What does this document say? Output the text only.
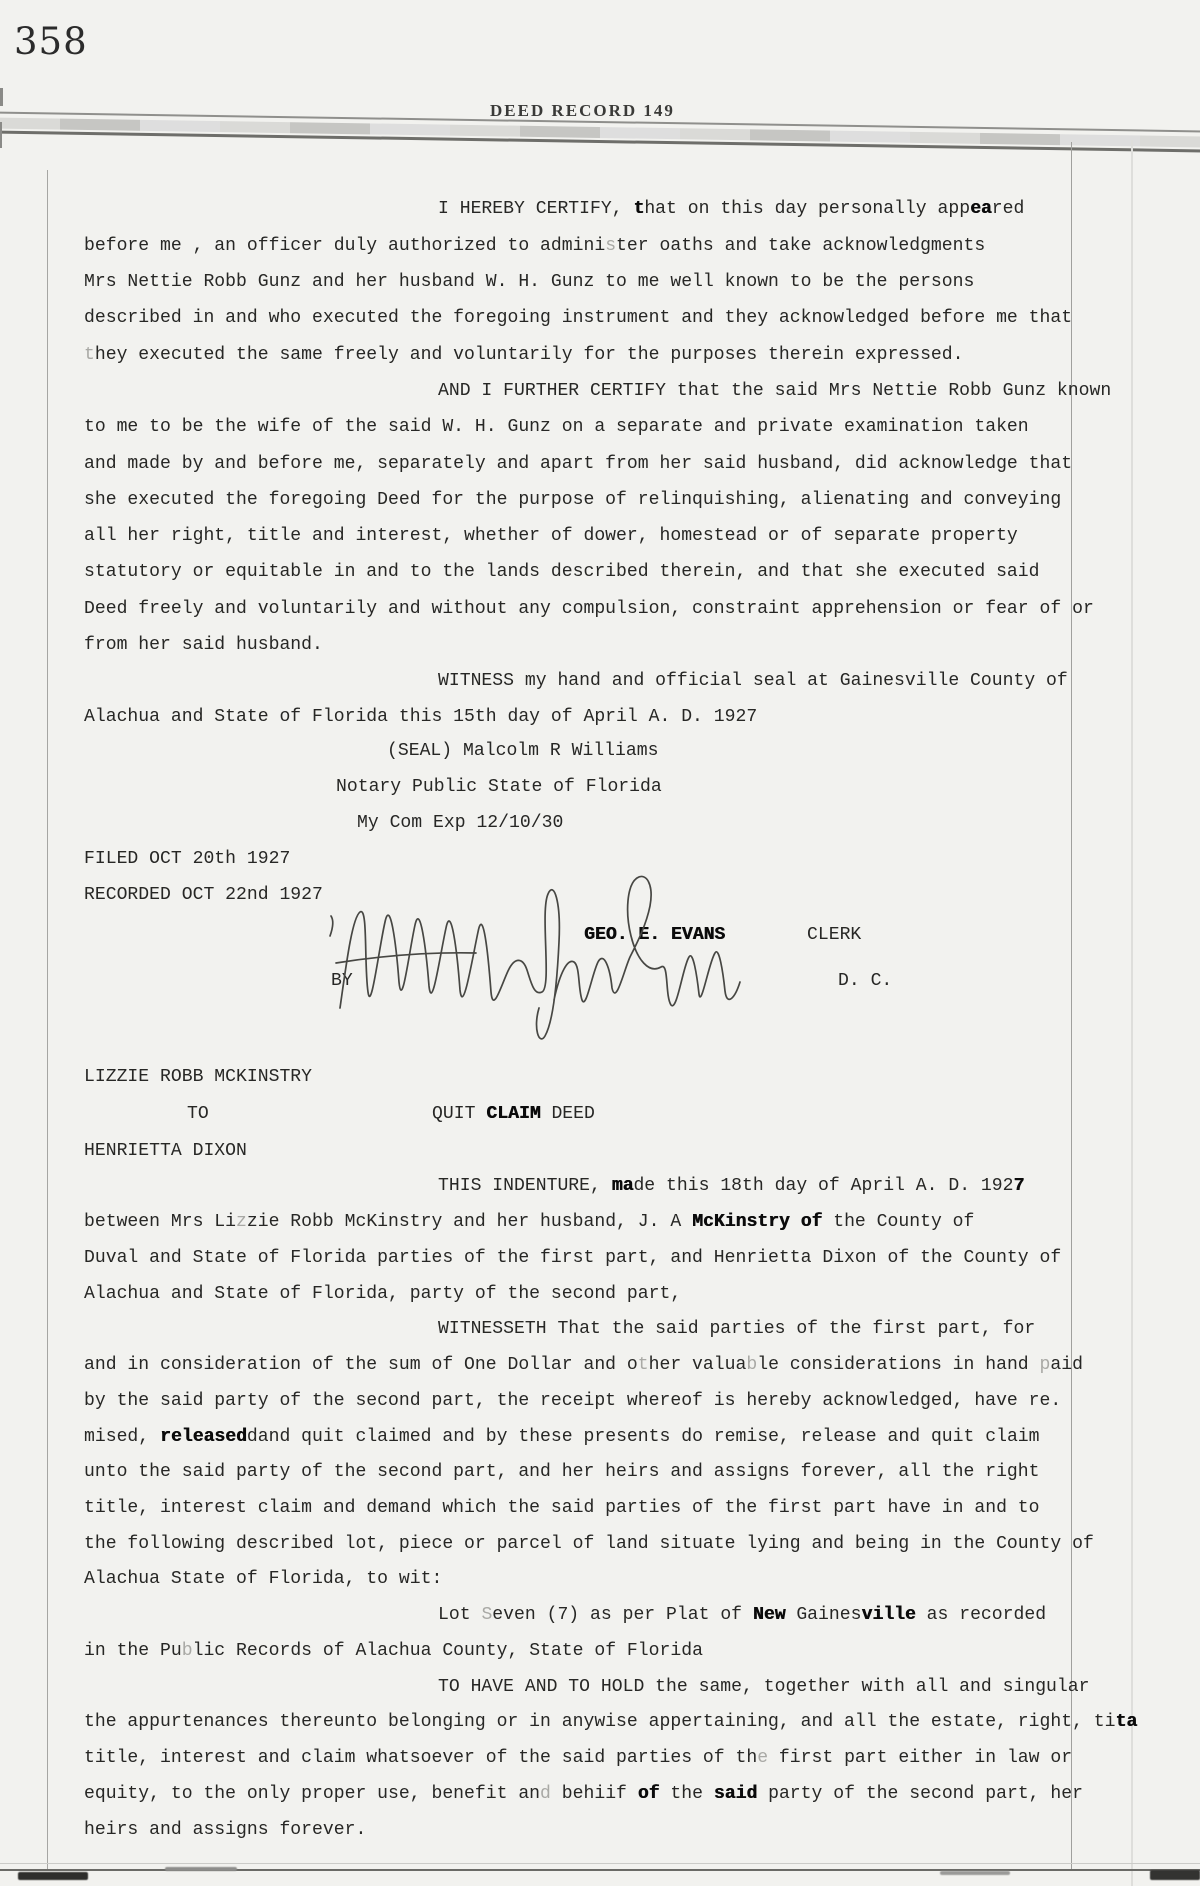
358
DEED RECORD 149
I HEREBY CERTIFY, that on this day personally appeared
before me , an officer duly authorized to administer oaths and take acknowledgments
Mrs Nettie Robb Gunz and her husband W. H. Gunz to me well known to be the persons
described in and who executed the foregoing instrument and they acknowledged before me that
they executed the same freely and voluntarily for the purposes therein expressed.
AND I FURTHER CERTIFY that the said Mrs Nettie Robb Gunz known
to me to be the wife of the said W. H. Gunz on a separate and private examination taken
and made by and before me, separately and apart from her said husband, did acknowledge that
she executed the foregoing Deed for the purpose of relinquishing, alienating and conveying
all her right, title and interest, whether of dower, homestead or of separate property
statutory or equitable in and to the lands described therein, and that she executed said
Deed freely and voluntarily and without any compulsion, constraint apprehension or fear of or
from her said husband.
WITNESS my hand and official seal at Gainesville County of
Alachua and State of Florida this 15th day of April A. D. 1927
(SEAL) Malcolm R Williams
Notary Public State of Florida
My Com Exp 12/10/30
FILED OCT 20th 1927
RECORDED OCT 22nd 1927
GEO. E. EVANS	CLERK
BY	D. C.
LIZZIE ROBB MCKINSTRY
TO	QUIT CLAIM DEED
HENRIETTA DIXON
THIS INDENTURE, made this 18th day of April A. D. 1927
between Mrs Lizzie Robb McKinstry and her husband, J. A McKinstry of the County of
Duval and State of Florida parties of the first part, and Henrietta Dixon of the County of
Alachua and State of Florida, party of the second part,
WITNESSETH That the said parties of the first part, for
and in consideration of the sum of One Dollar and other valuable considerations in hand paid
by the said party of the second part, the receipt whereof is hereby acknowledged, have re.
mised, releaseddand quit claimed and by these presents do remise, release and quit claim
unto the said party of the second part, and her heirs and assigns forever, all the right
title, interest claim and demand which the said parties of the first part have in and to
the following described lot, piece or parcel of land situate lying and being in the County of
Alachua State of Florida, to wit:
Lot Seven (7) as per Plat of New Gainesville as recorded
in the Public Records of Alachua County, State of Florida
TO HAVE AND TO HOLD the same, together with all and singular
the appurtenances thereunto belonging or in anywise appertaining, and all the estate, right, tita
title, interest and claim whatsoever of the said parties of the first part either in law or
equity, to the only proper use, benefit and behiif of the said party of the second part, her
heirs and assigns forever.
